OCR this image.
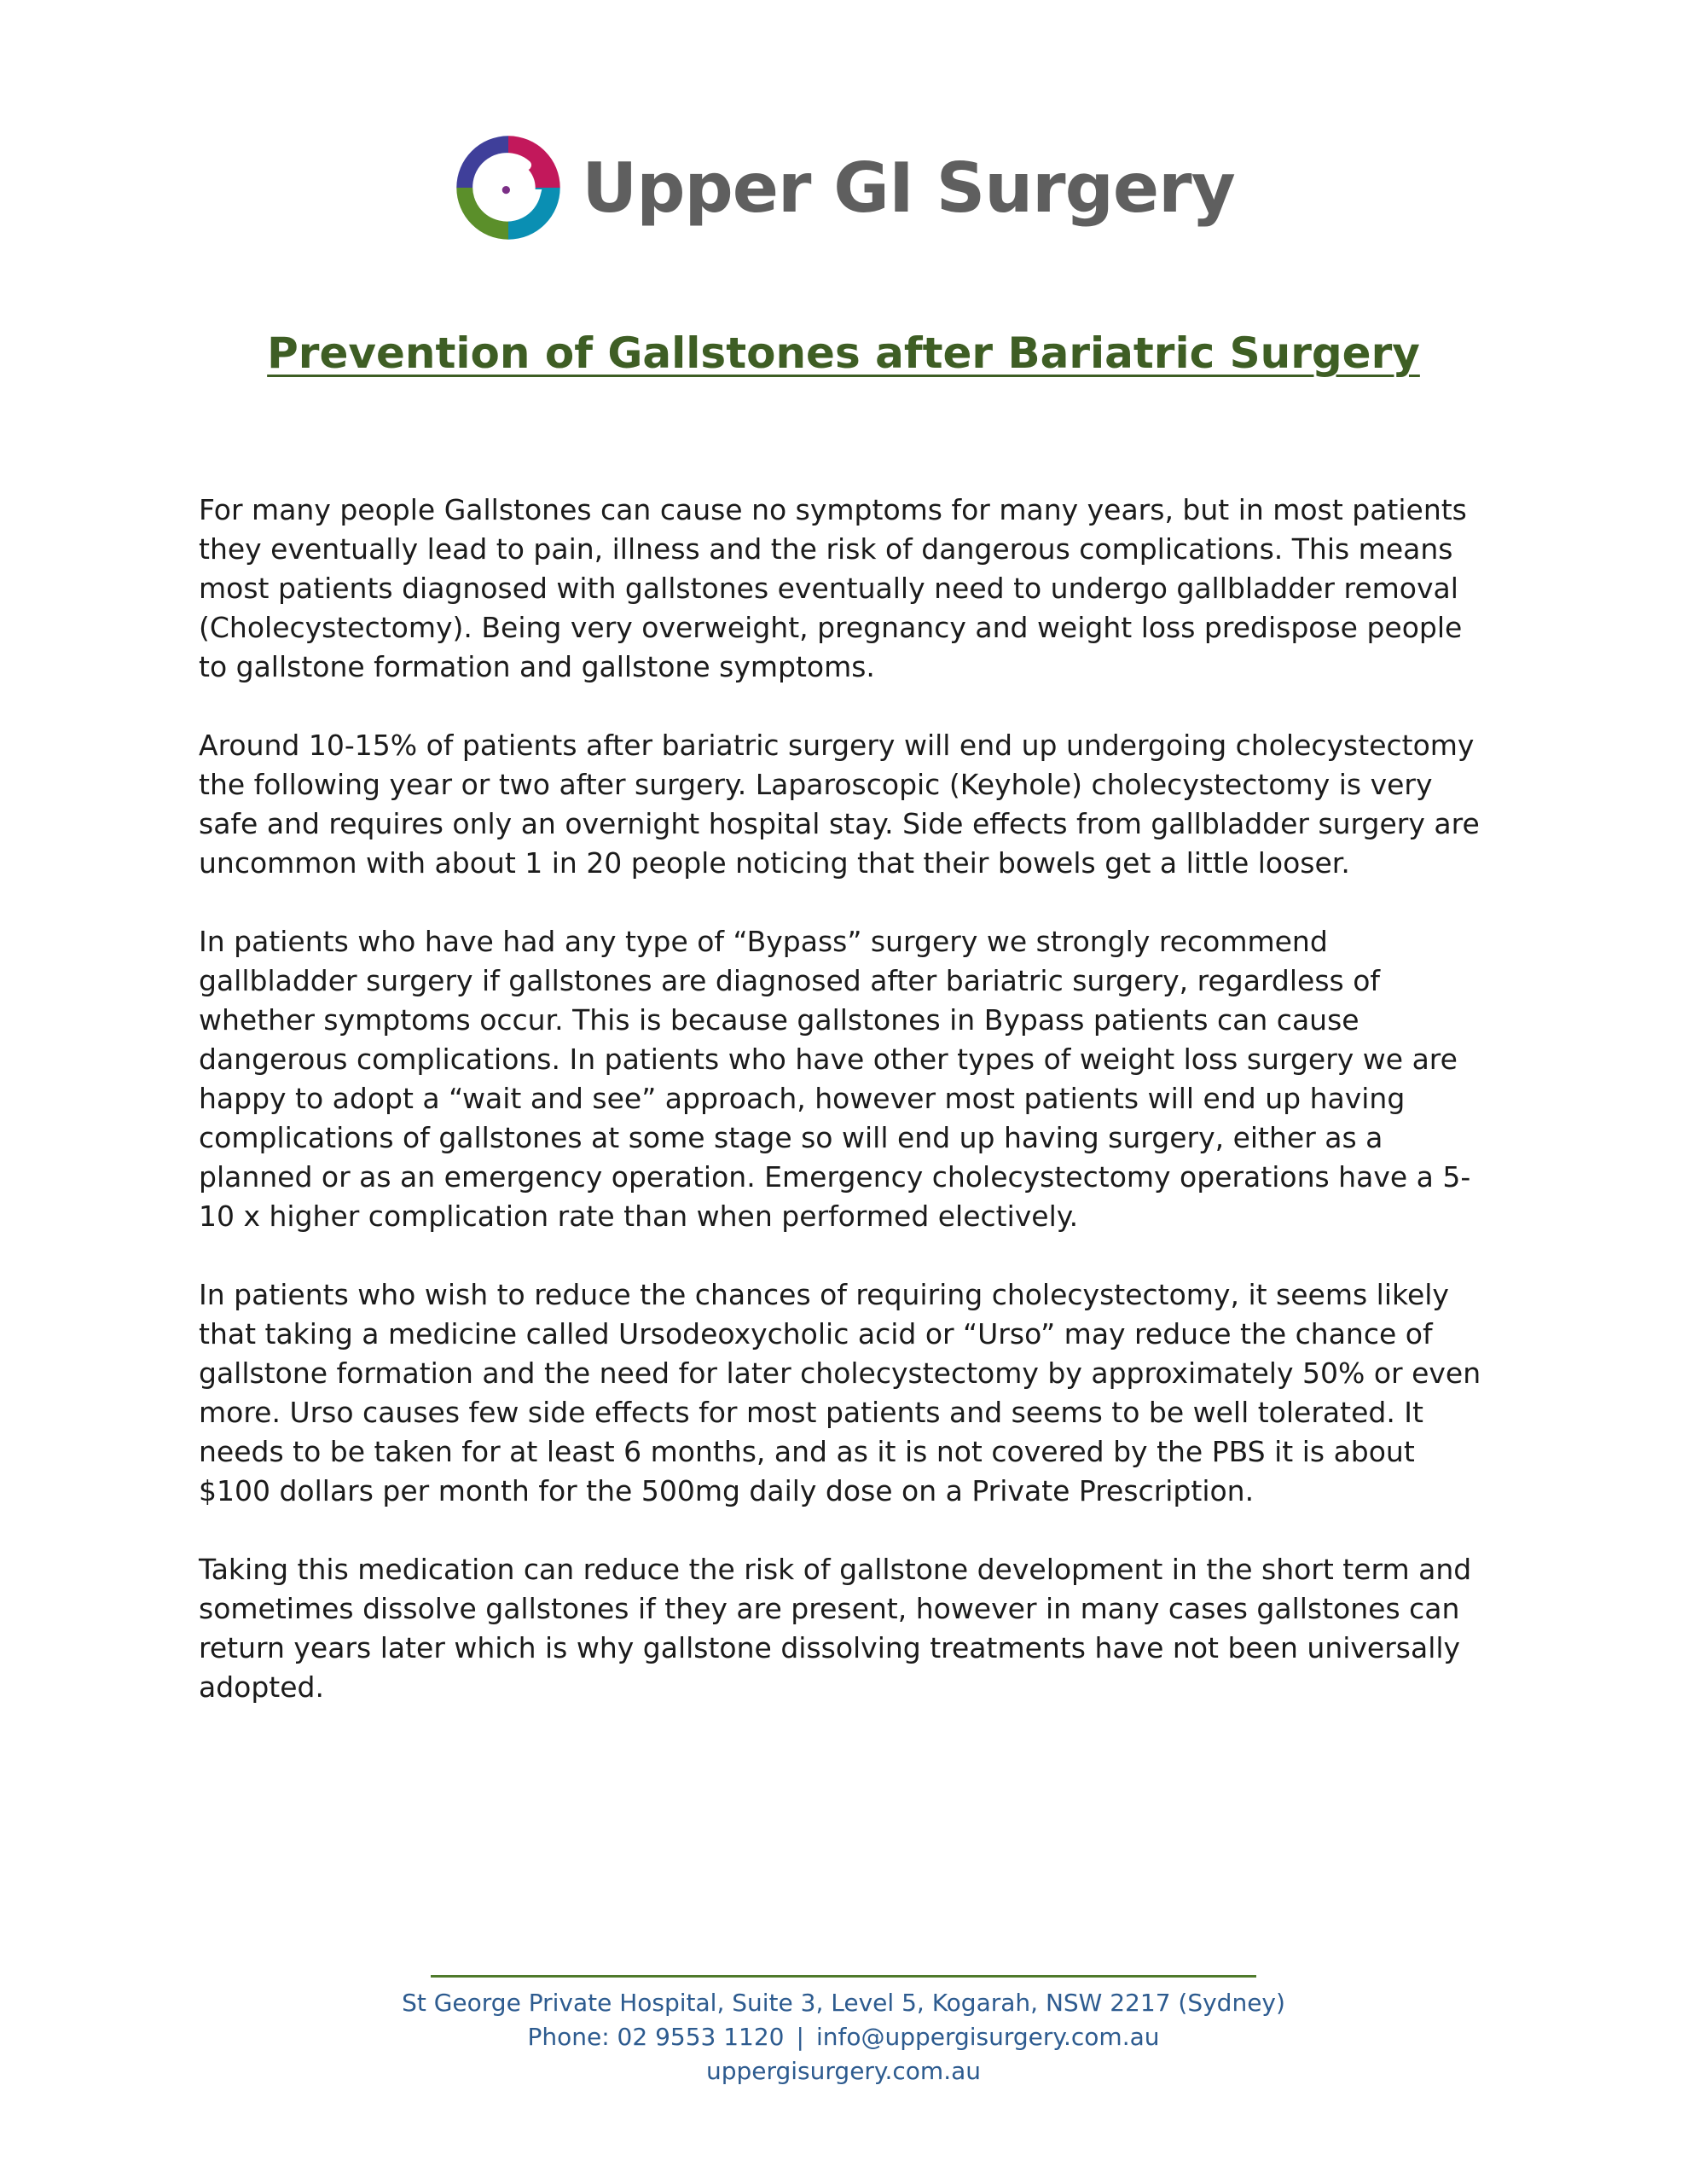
Upper GI Surgery
Prevention of Gallstones after Bariatric Surgery

For many people Gallstones can cause no symptoms for many years, but in most patients they eventually lead to pain, illness and the risk of dangerous complications. This means most patients diagnosed with gallstones eventually need to undergo gallbladder removal (Cholecystectomy). Being very overweight, pregnancy and weight loss predispose people to gallstone formation and gallstone symptoms.

Around 10-15% of patients after bariatric surgery will end up undergoing cholecystectomy the following year or two after surgery. Laparoscopic (Keyhole) cholecystectomy is very safe and requires only an overnight hospital stay. Side effects from gallbladder surgery are uncommon with about 1 in 20 people noticing that their bowels get a little looser.

In patients who have had any type of “Bypass” surgery we strongly recommend gallbladder surgery if gallstones are diagnosed after bariatric surgery, regardless of whether symptoms occur. This is because gallstones in Bypass patients can cause dangerous complications. In patients who have other types of weight loss surgery we are happy to adopt a “wait and see” approach, however most patients will end up having complications of gallstones at some stage so will end up having surgery, either as a planned or as an emergency operation. Emergency cholecystectomy operations have a 5-10 x higher complication rate than when performed electively.

In patients who wish to reduce the chances of requiring cholecystectomy, it seems likely that taking a medicine called Ursodeoxycholic acid or “Urso” may reduce the chance of gallstone formation and the need for later cholecystectomy by approximately 50% or even more. Urso causes few side effects for most patients and seems to be well tolerated. It needs to be taken for at least 6 months, and as it is not covered by the PBS it is about $100 dollars per month for the 500mg daily dose on a Private Prescription.

Taking this medication can reduce the risk of gallstone development in the short term and sometimes dissolve gallstones if they are present, however in many cases gallstones can return years later which is why gallstone dissolving treatments have not been universally adopted.

St George Private Hospital, Suite 3, Level 5, Kogarah, NSW 2217 (Sydney)
Phone: 02 9553 1120 | info@uppergisurgery.com.au
uppergisurgery.com.au
